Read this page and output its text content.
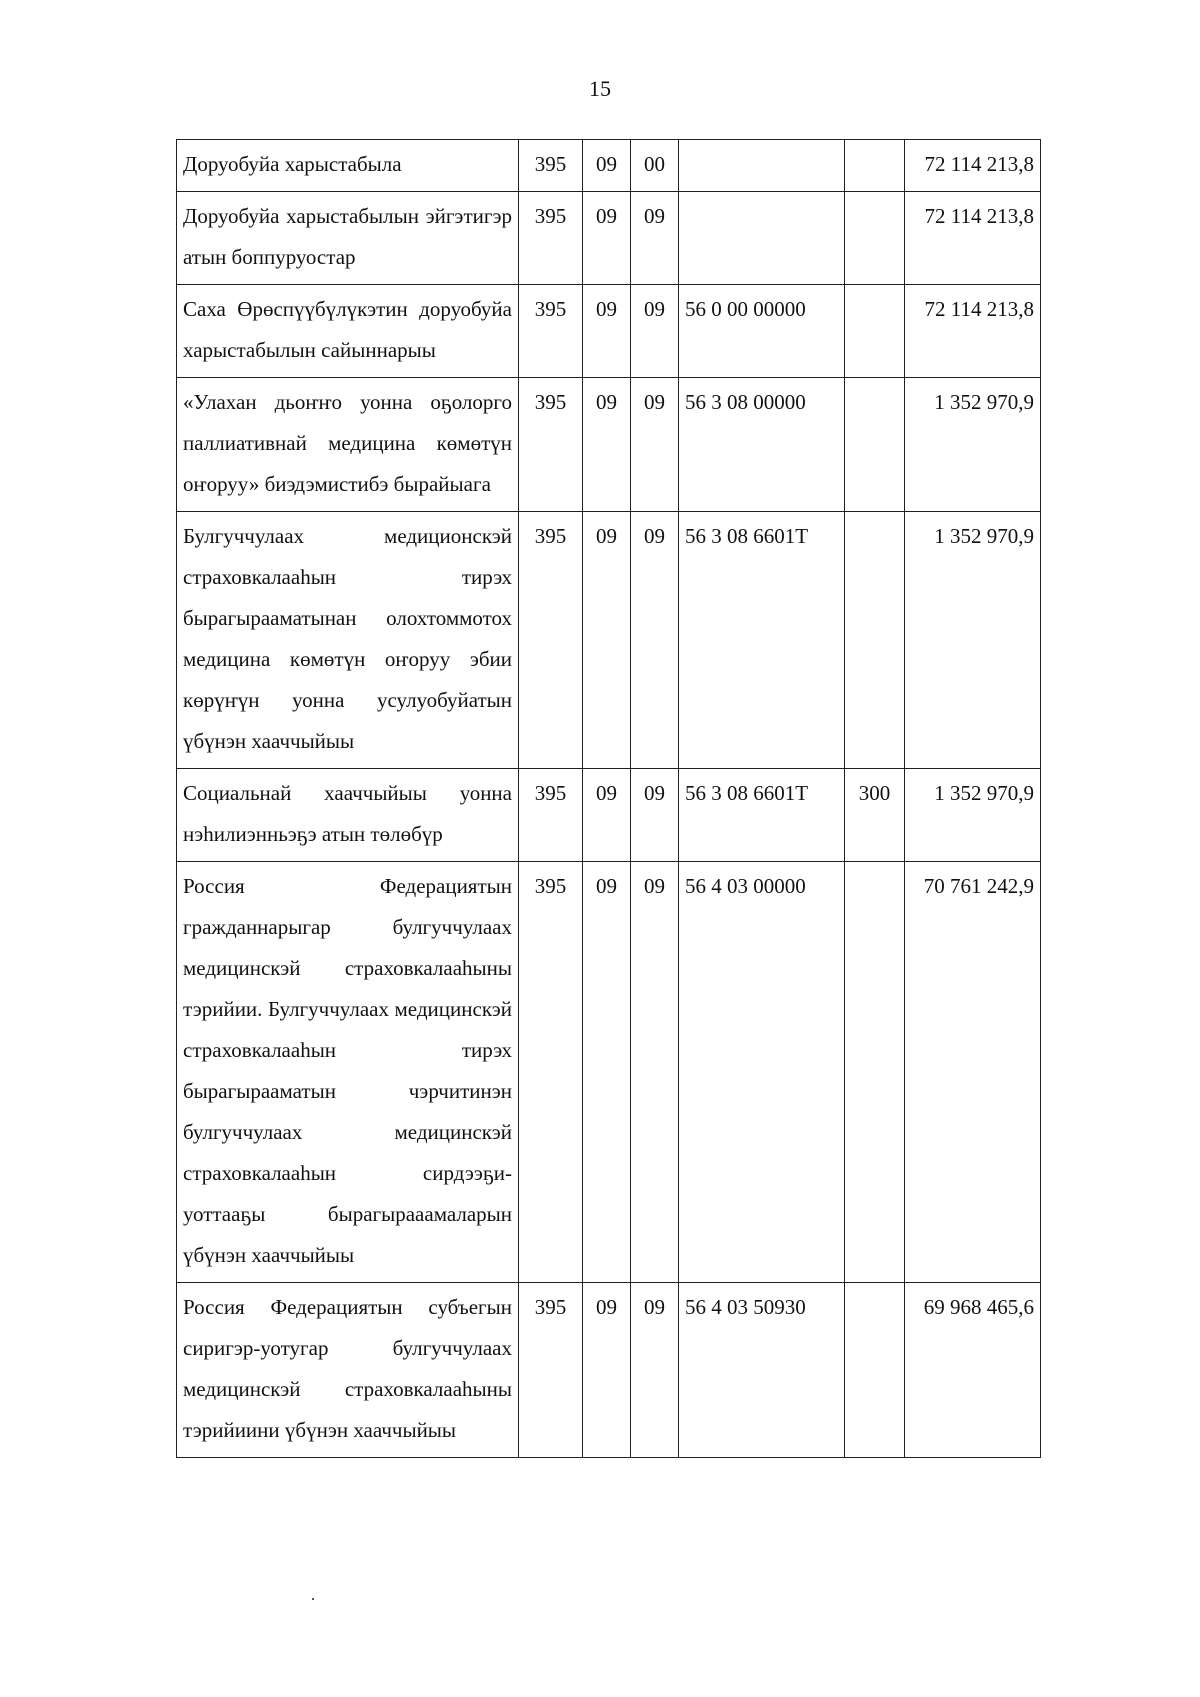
15
Доруобуйа харыстабыла	395	09	00			72 114 213,8
Доруобуйа харыстабылын эйгэтигэр атын боппуруостар	395	09	09			72 114 213,8
Саха Өрөспүүбүлүкэтин доруобуйа харыстабылын сайыннарыы	395	09	09	56 0 00 00000		72 114 213,8
«Улахан дьоҥҥо уонна оҕолорго паллиативнай медицина көмөтүн оҥоруу» биэдэмистибэ бырайыага	395	09	09	56 3 08 00000		1 352 970,9
Булгуччулаах медиционскэй страховкалааһын тирэх бырагырааматынан олохтоммотох медицина көмөтүн оҥоруу эбии көрүҥүн уонна усулуобуйатын үбүнэн хааччыйыы	395	09	09	56 3 08 6601Т		1 352 970,9
Социальнай хааччыйыы уонна нэһилиэнньэҕэ атын төлөбүр	395	09	09	56 3 08 6601Т	300	1 352 970,9
Россия Федерациятын гражданнарыгар булгуччулаах медицинскэй страховкалааһыны тэрийии. Булгуччулаах медицинскэй страховкалааһын тирэх бырагырааматын чэрчитинэн булгуччулаах медицинскэй страховкалааһын сирдээҕи-уоттааҕы бырагырааамаларын үбүнэн хааччыйыы	395	09	09	56 4 03 00000		70 761 242,9
Россия Федерациятын субъегын сиригэр-уотугар булгуччулаах медицинскэй страховкалааһыны тэрийиини үбүнэн хааччыйыы	395	09	09	56 4 03 50930		69 968 465,6
